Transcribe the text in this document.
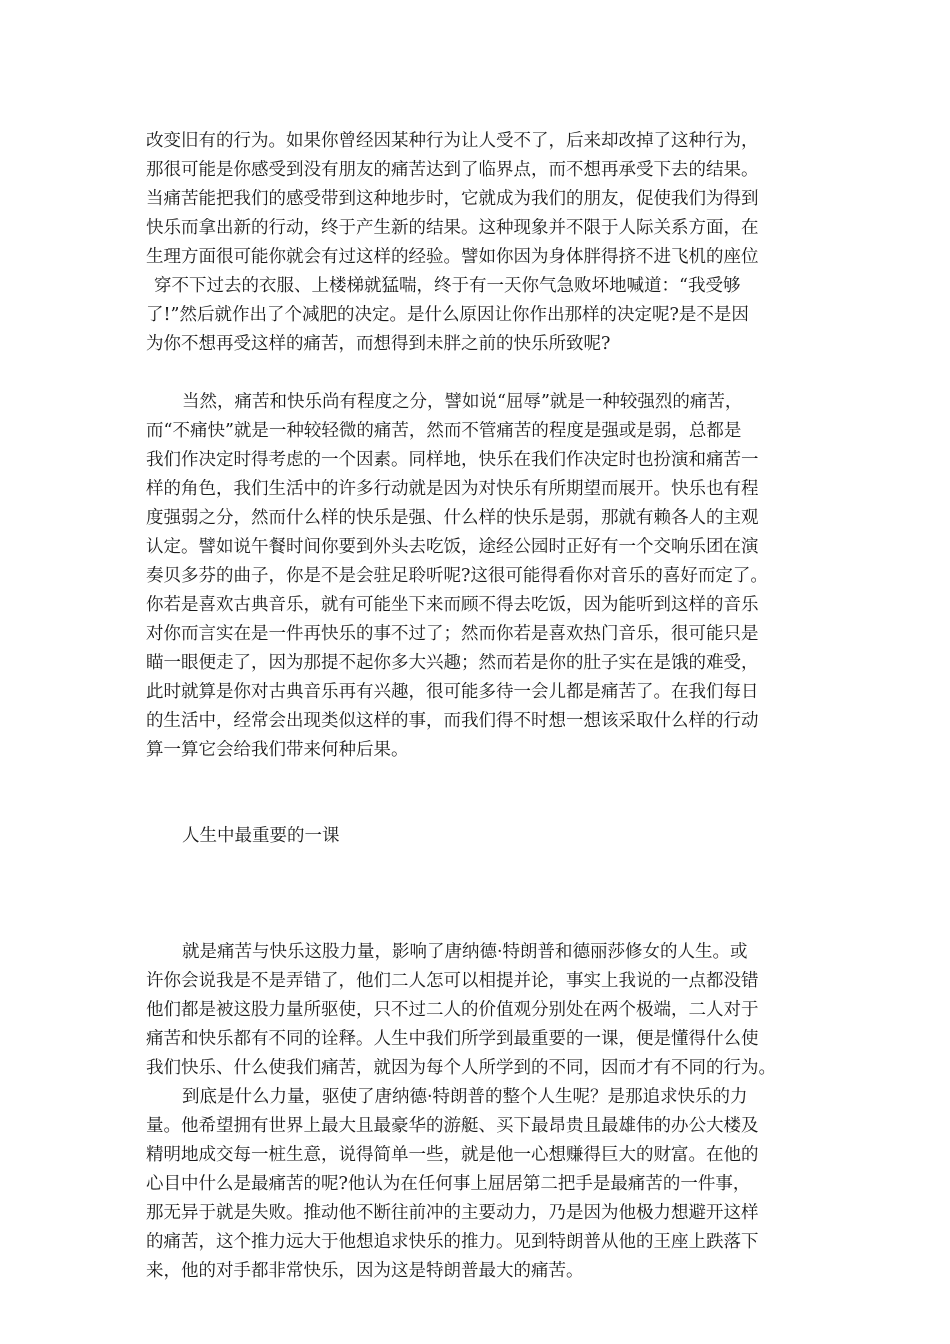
改变旧有的行为。如果你曾经因某种行为让人受不了，后来却改掉了这种行为，
那很可能是你感受到没有朋友的痛苦达到了临界点，而不想再承受下去的结果。
当痛苦能把我们的感受带到这种地步时，它就成为我们的朋友，促使我们为得到
快乐而拿出新的行动，终于产生新的结果。这种现象并不限于人际关系方面，在
生理方面很可能你就会有过这样的经验。譬如你因为身体胖得挤不进飞机的座位
穿不下过去的衣服、上楼梯就猛喘，终于有一天你气急败坏地喊道：“我受够
了!”然后就作出了个减肥的决定。是什么原因让你作出那样的决定呢?是不是因
为你不想再受这样的痛苦，而想得到未胖之前的快乐所致呢?
当然，痛苦和快乐尚有程度之分，譬如说“屈辱”就是一种较强烈的痛苦，
而“不痛快”就是一种较轻微的痛苦，然而不管痛苦的程度是强或是弱，总都是
我们作决定时得考虑的一个因素。同样地，快乐在我们作决定时也扮演和痛苦一
样的角色，我们生活中的许多行动就是因为对快乐有所期望而展开。快乐也有程
度强弱之分，然而什么样的快乐是强、什么样的快乐是弱，那就有赖各人的主观
认定。譬如说午餐时间你要到外头去吃饭，途经公园时正好有一个交响乐团在演
奏贝多芬的曲子，你是不是会驻足聆听呢?这很可能得看你对音乐的喜好而定了。
你若是喜欢古典音乐，就有可能坐下来而顾不得去吃饭，因为能听到这样的音乐
对你而言实在是一件再快乐的事不过了；然而你若是喜欢热门音乐，很可能只是
瞄一眼便走了，因为那提不起你多大兴趣；然而若是你的肚子实在是饿的难受，
此时就算是你对古典音乐再有兴趣，很可能多待一会儿都是痛苦了。在我们每日
的生活中，经常会出现类似这样的事，而我们得不时想一想该采取什么样的行动
算一算它会给我们带来何种后果。
人生中最重要的一课
就是痛苦与快乐这股力量，影响了唐纳德·特朗普和德丽莎修女的人生。或
许你会说我是不是弄错了，他们二人怎可以相提并论，事实上我说的一点都没错
他们都是被这股力量所驱使，只不过二人的价值观分别处在两个极端，二人对于
痛苦和快乐都有不同的诠释。人生中我们所学到最重要的一课，便是懂得什么使
我们快乐、什么使我们痛苦，就因为每个人所学到的不同，因而才有不同的行为。
到底是什么力量，驱使了唐纳德·特朗普的整个人生呢？是那追求快乐的力
量。他希望拥有世界上最大且最豪华的游艇、买下最昂贵且最雄伟的办公大楼及
精明地成交每一桩生意，说得简单一些，就是他一心想赚得巨大的财富。在他的
心目中什么是最痛苦的呢?他认为在任何事上屈居第二把手是最痛苦的一件事，
那无异于就是失败。推动他不断往前冲的主要动力，乃是因为他极力想避开这样
的痛苦，这个推力远大于他想追求快乐的推力。见到特朗普从他的王座上跌落下
来，他的对手都非常快乐，因为这是特朗普最大的痛苦。
